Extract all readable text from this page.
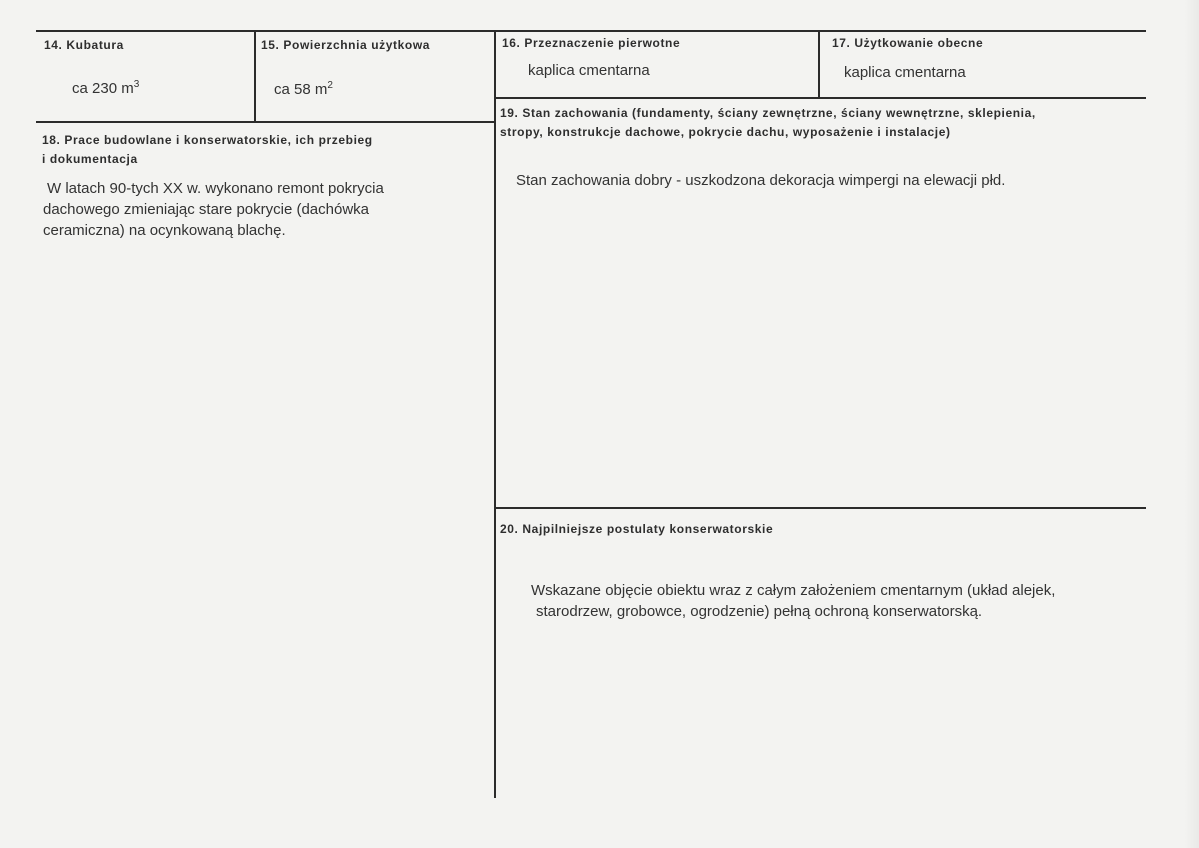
14. Kubatura
ca 230 $m^3$
15. Powierzchnia użytkowa
ca 58 $m^2$
16. Przeznaczenie pierwotne
kaplica cmentarna
17. Użytkowanie obecne
kaplica cmentarna
18. Prace budowlane i konserwatorskie, ich przebieg
i dokumentacja
W latach 90-tych XX w. wykonano remont pokrycia
dachowego zmieniając stare pokrycie (dachówka
ceramiczna) na ocynkowaną blachę.
19. Stan zachowania (fundamenty, ściany zewnętrzne, ściany wewnętrzne, sklepienia,
stropy, konstrukcje dachowe, pokrycie dachu, wyposażenie i instalacje)
Stan zachowania dobry - uszkodzona dekoracja wimpergi na elewacji płd.
20. Najpilniejsze postulaty konserwatorskie
Wskazane objęcie obiektu wraz z całym założeniem cmentarnym (układ alejek,
starodrzew, grobowce, ogrodzenie) pełną ochroną konserwatorską.
